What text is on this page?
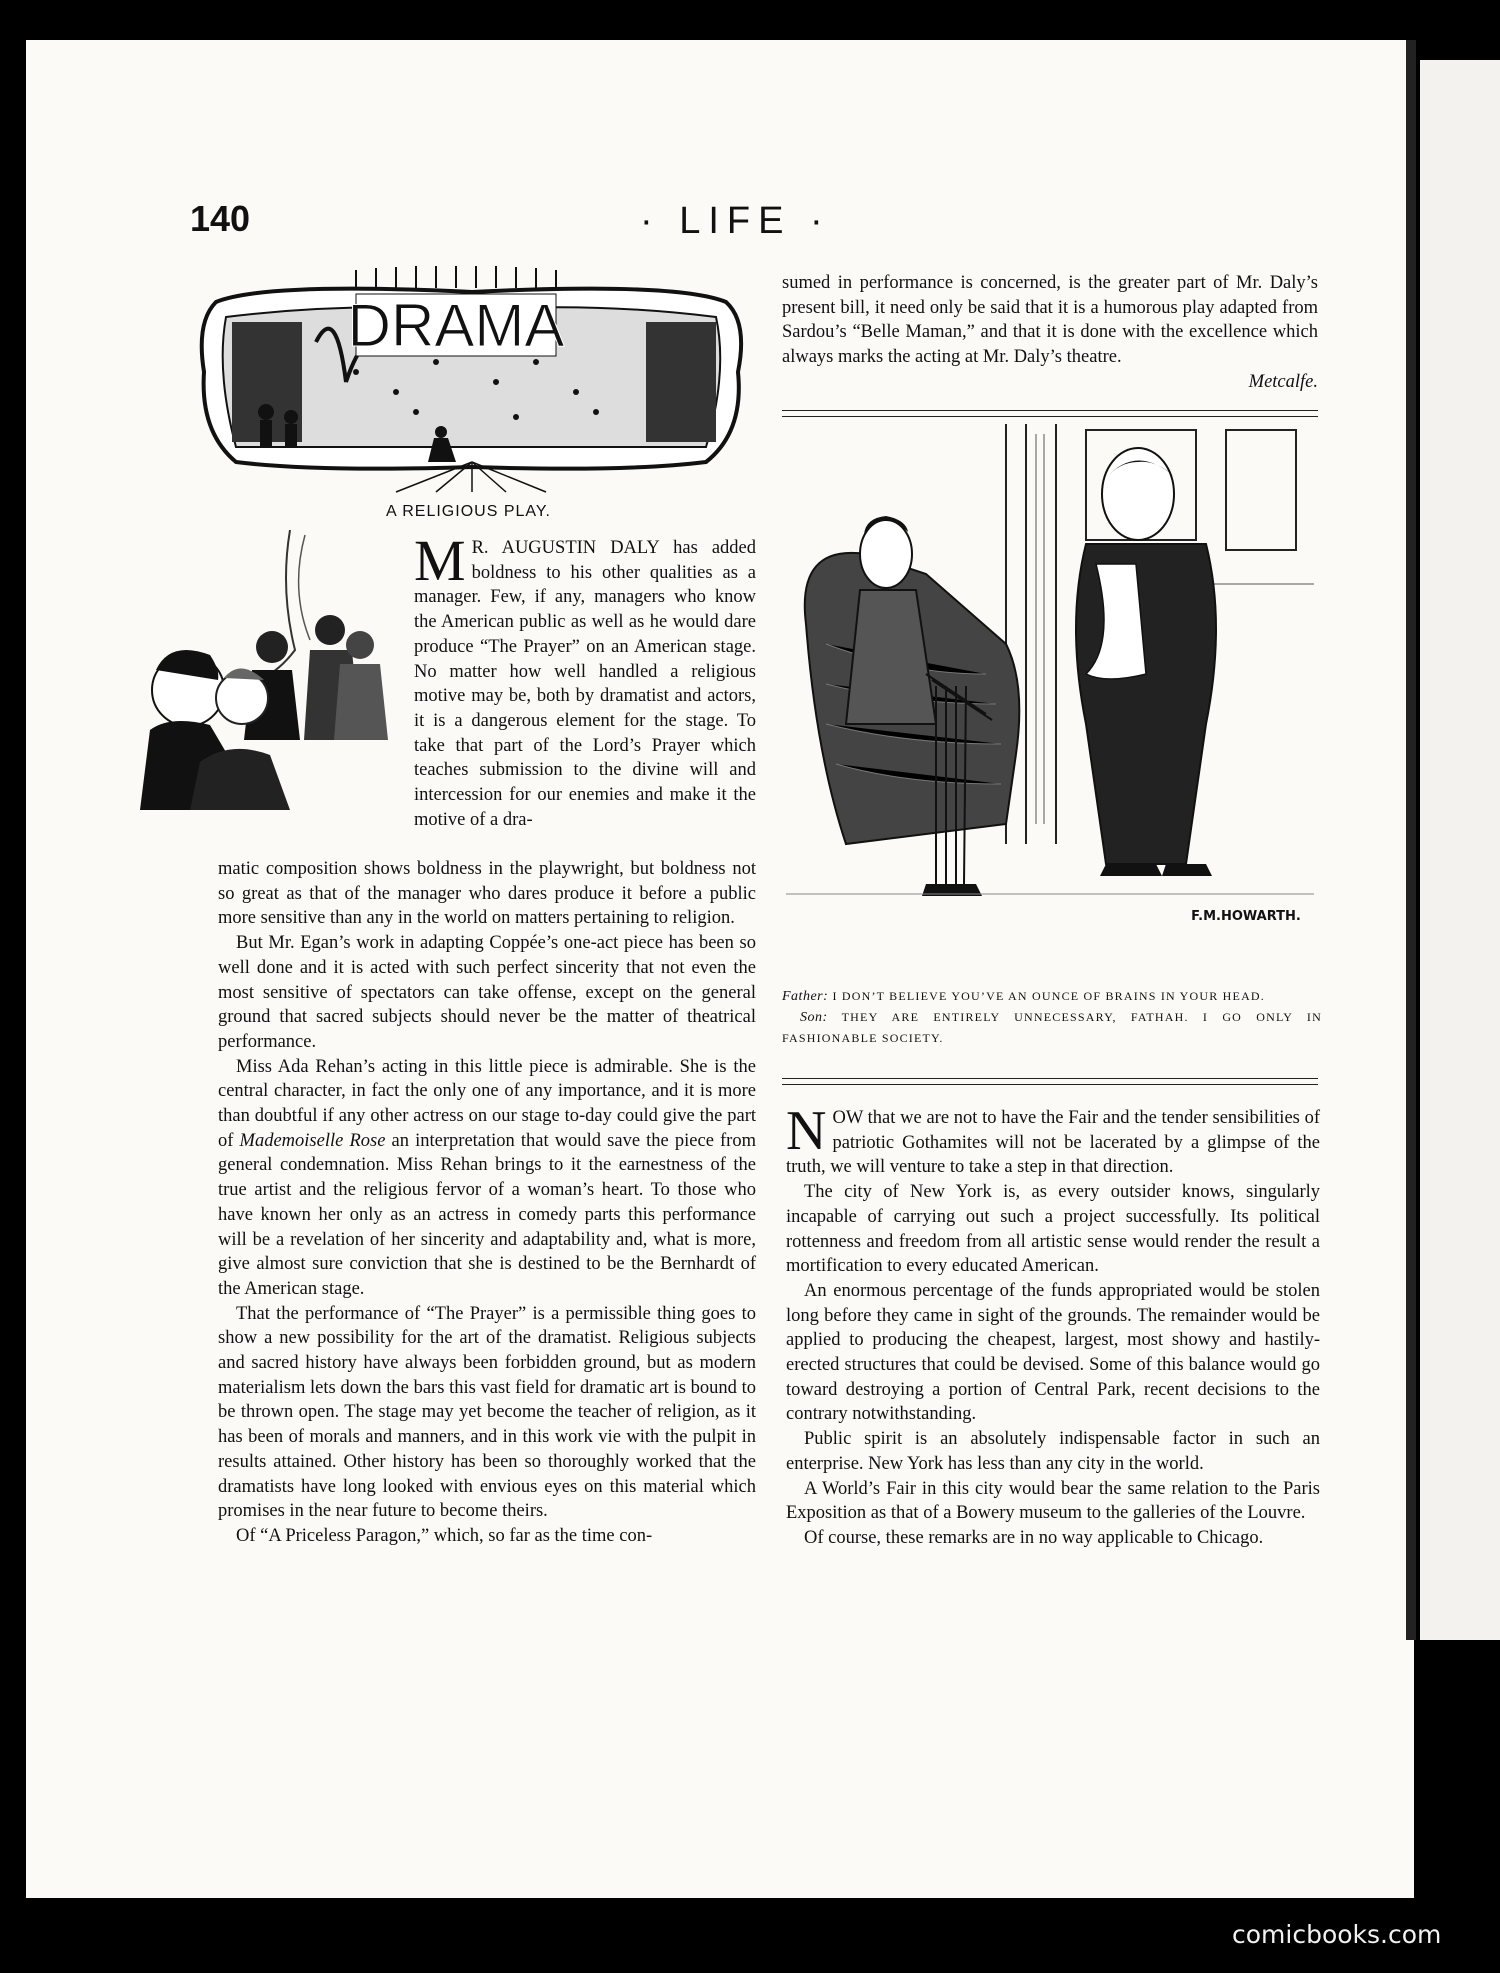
140	· LIFE ·
DRAMA
A RELIGIOUS PLAY.
M R. AUGUSTIN DALY has added boldness to his other qualities as a manager. Few, if any, managers who know the American public as well as he would dare produce “The Prayer” on an American stage. No matter how well handled a religious motive may be, both by dramatist and actors, it is a dangerous element for the stage. To take that part of the Lord’s Prayer which teaches submission to the divine will and intercession for our enemies and make it the motive of a dra-

matic composition shows boldness in the playwright, but boldness not so great as that of the manager who dares produce it before a public more sensitive than any in the world on matters pertaining to religion.

But Mr. Egan’s work in adapting Coppée’s one-act piece has been so well done and it is acted with such perfect sincerity that not even the most sensitive of spectators can take offense, except on the general ground that sacred subjects should never be the matter of theatrical performance.

Miss Ada Rehan’s acting in this little piece is admirable. She is the central character, in fact the only one of any importance, and it is more than doubtful if any other actress on our stage to-day could give the part of Mademoiselle Rose an interpretation that would save the piece from general condemnation. Miss Rehan brings to it the earnestness of the true artist and the religious fervor of a woman’s heart. To those who have known her only as an actress in comedy parts this performance will be a revelation of her sincerity and adaptability and, what is more, give almost sure conviction that she is destined to be the Bernhardt of the American stage.

That the performance of “The Prayer” is a permissible thing goes to show a new possibility for the art of the dramatist. Religious subjects and sacred history have always been forbidden ground, but as modern materialism lets down the bars this vast field for dramatic art is bound to be thrown open. The stage may yet become the teacher of religion, as it has been of morals and manners, and in this work vie with the pulpit in results attained. Other history has been so thoroughly worked that the dramatists have long looked with envious eyes on this material which promises in the near future to become theirs.

Of “A Priceless Paragon,” which, so far as the time con-

sumed in performance is concerned, is the greater part of Mr. Daly’s present bill, it need only be said that it is a humorous play adapted from Sardou’s “Belle Maman,” and that it is done with the excellence which always marks the acting at Mr. Daly’s theatre.

Metcalfe.

F.M.HOWARTH.

Father: I DON’T BELIEVE YOU’VE AN OUNCE OF BRAINS IN YOUR HEAD.

Son: THEY ARE ENTIRELY UNNECESSARY, FATHAH. I GO ONLY IN FASHIONABLE SOCIETY.

N OW that we are not to have the Fair and the tender sensibilities of patriotic Gothamites will not be lacerated by a glimpse of the truth, we will venture to take a step in that direction.

The city of New York is, as every outsider knows, singularly incapable of carrying out such a project successfully. Its political rottenness and freedom from all artistic sense would render the result a mortification to every educated American.

An enormous percentage of the funds appropriated would be stolen long before they came in sight of the grounds. The remainder would be applied to producing the cheapest, largest, most showy and hastily-erected structures that could be devised. Some of this balance would go toward destroying a portion of Central Park, recent decisions to the contrary notwithstanding.

Public spirit is an absolutely indispensable factor in such an enterprise. New York has less than any city in the world.

A World’s Fair in this city would bear the same relation to the Paris Exposition as that of a Bowery museum to the galleries of the Louvre.

Of course, these remarks are in no way applicable to Chicago.

comicbooks.com
